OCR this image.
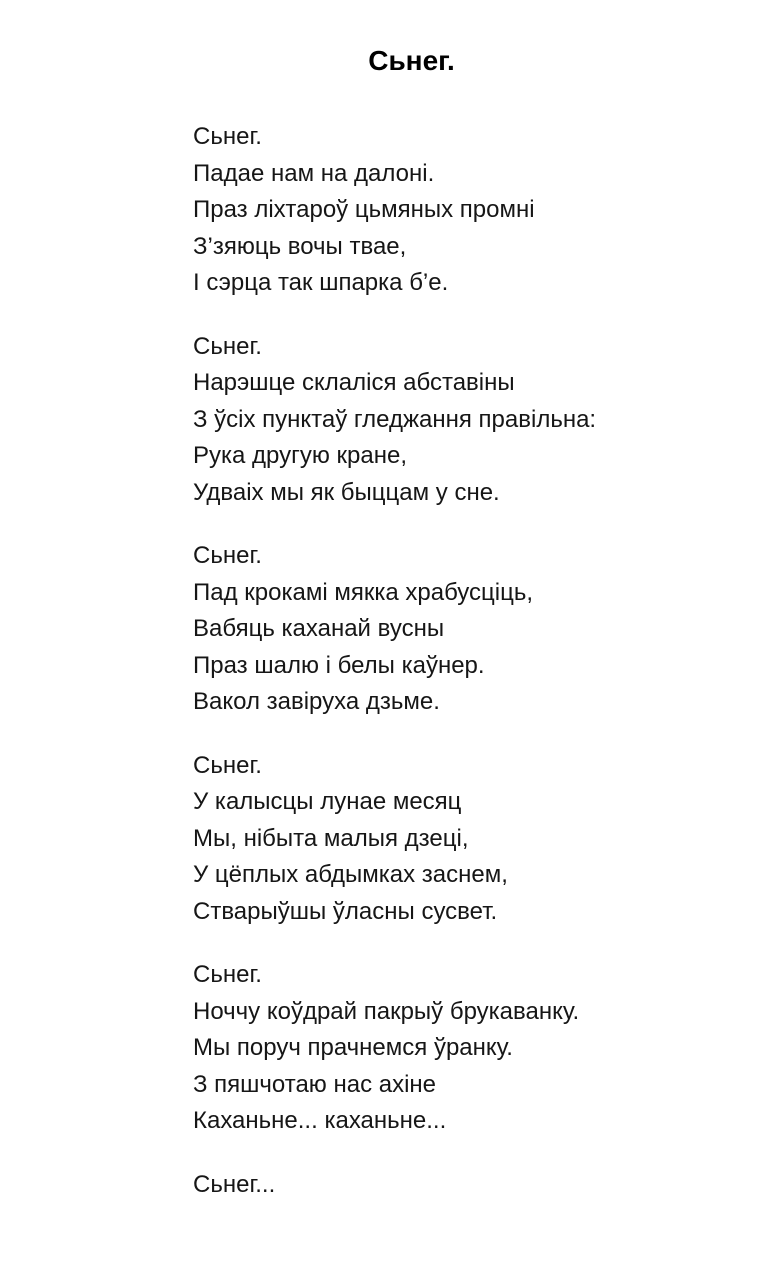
Сьнег.
Сьнег.
Падае нам на далоні.
Праз ліхтароў цьмяных промні
З’зяюць вочы твае,
І сэрца так шпарка б’е.
Сьнег.
Нарэшце склаліся абставіны
З ўсіх пунктаў гледжання правільна:
Рука другую кране,
Удваіх мы як быццам у сне.
Сьнег.
Пад крокамі мякка храбусціць,
Вабяць каханай вусны
Праз шалю і белы каўнер.
Вакол завіруха дзьме.
Сьнег.
У калысцы лунае месяц
Мы, нібыта малыя дзеці,
У цёплых абдымках заснем,
Стварыўшы ўласны сусвет.
Сьнег.
Ноччу коўдрай пакрыў брукаванку.
Мы поруч прачнемся ўранку.
З пяшчотаю нас ахіне
Каханьне... каханьне...
Сьнег...
